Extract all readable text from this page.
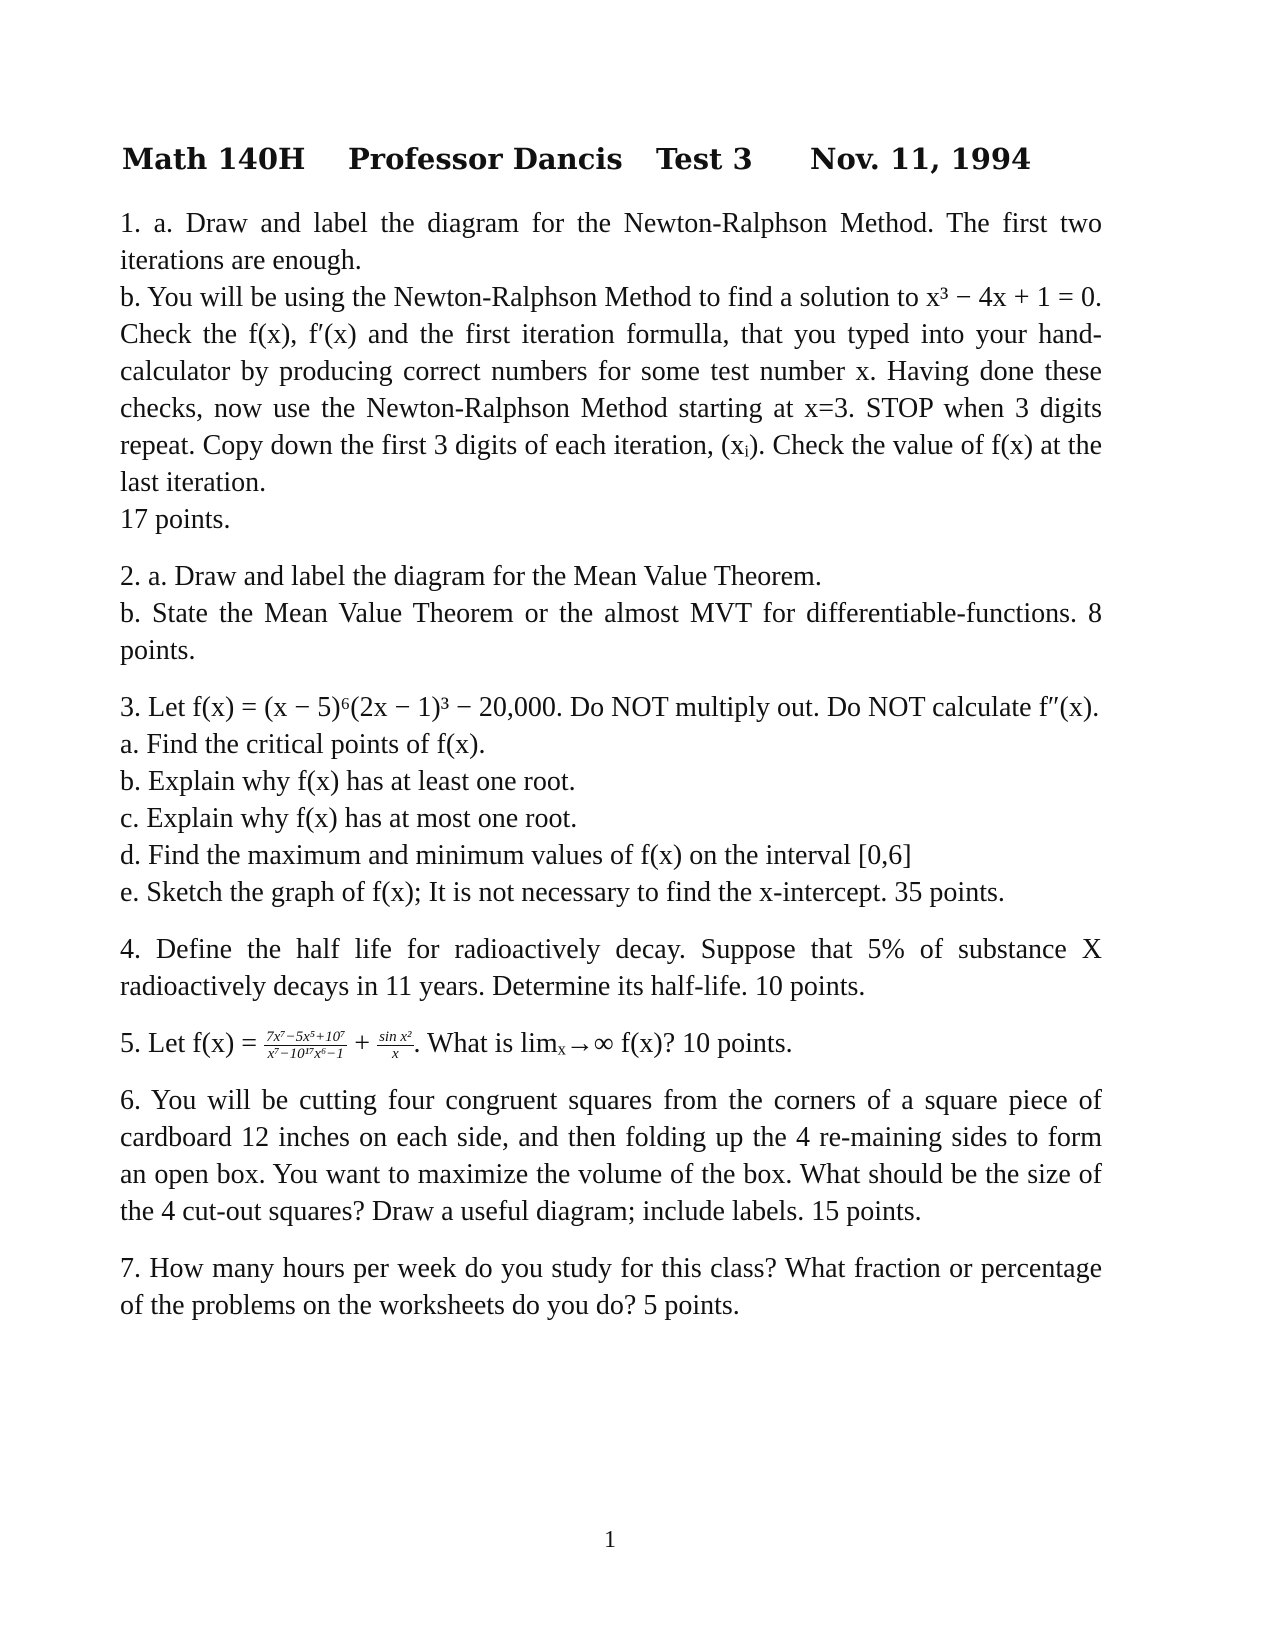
Math 140H Professor Dancis Test 3 Nov. 11, 1994
1. a. Draw and label the diagram for the Newton-Ralphson Method. The first two iterations are enough.
b. You will be using the Newton-Ralphson Method to find a solution to x³ − 4x + 1 = 0. Check the f(x), f′(x) and the first iteration formulla, that you typed into your hand-calculator by producing correct numbers for some test number x. Having done these checks, now use the Newton-Ralphson Method starting at x=3. STOP when 3 digits repeat. Copy down the first 3 digits of each iteration, (xᵢ). Check the value of f(x) at the last iteration.
17 points.
2. a. Draw and label the diagram for the Mean Value Theorem.
b. State the Mean Value Theorem or the almost MVT for differentiable-functions. 8 points.
3. Let f(x) = (x − 5)⁶(2x − 1)³ − 20,000. Do NOT multiply out. Do NOT calculate f″(x).
a. Find the critical points of f(x).
b. Explain why f(x) has at least one root.
c. Explain why f(x) has at most one root.
d. Find the maximum and minimum values of f(x) on the interval [0,6]
e. Sketch the graph of f(x); It is not necessary to find the x-intercept. 35 points.
4. Define the half life for radioactively decay. Suppose that 5% of substance X radioactively decays in 11 years. Determine its half-life. 10 points.
5. Let $f(x) = \frac{\text{7x⁷−5x⁵+10⁷}}{\text{x⁷−10¹⁷x⁶−1}} + \frac{\text{sin x²}}{x}$ . What is limₓ→∞ f(x)? 10 points.
6. You will be cutting four congruent squares from the corners of a square piece of cardboard 12 inches on each side, and then folding up the 4 re-maining sides to form an open box. You want to maximize the volume of the box. What should be the size of the 4 cut-out squares? Draw a useful diagram; include labels. 15 points.
7. How many hours per week do you study for this class? What fraction or percentage of the problems on the worksheets do you do? 5 points.
1
